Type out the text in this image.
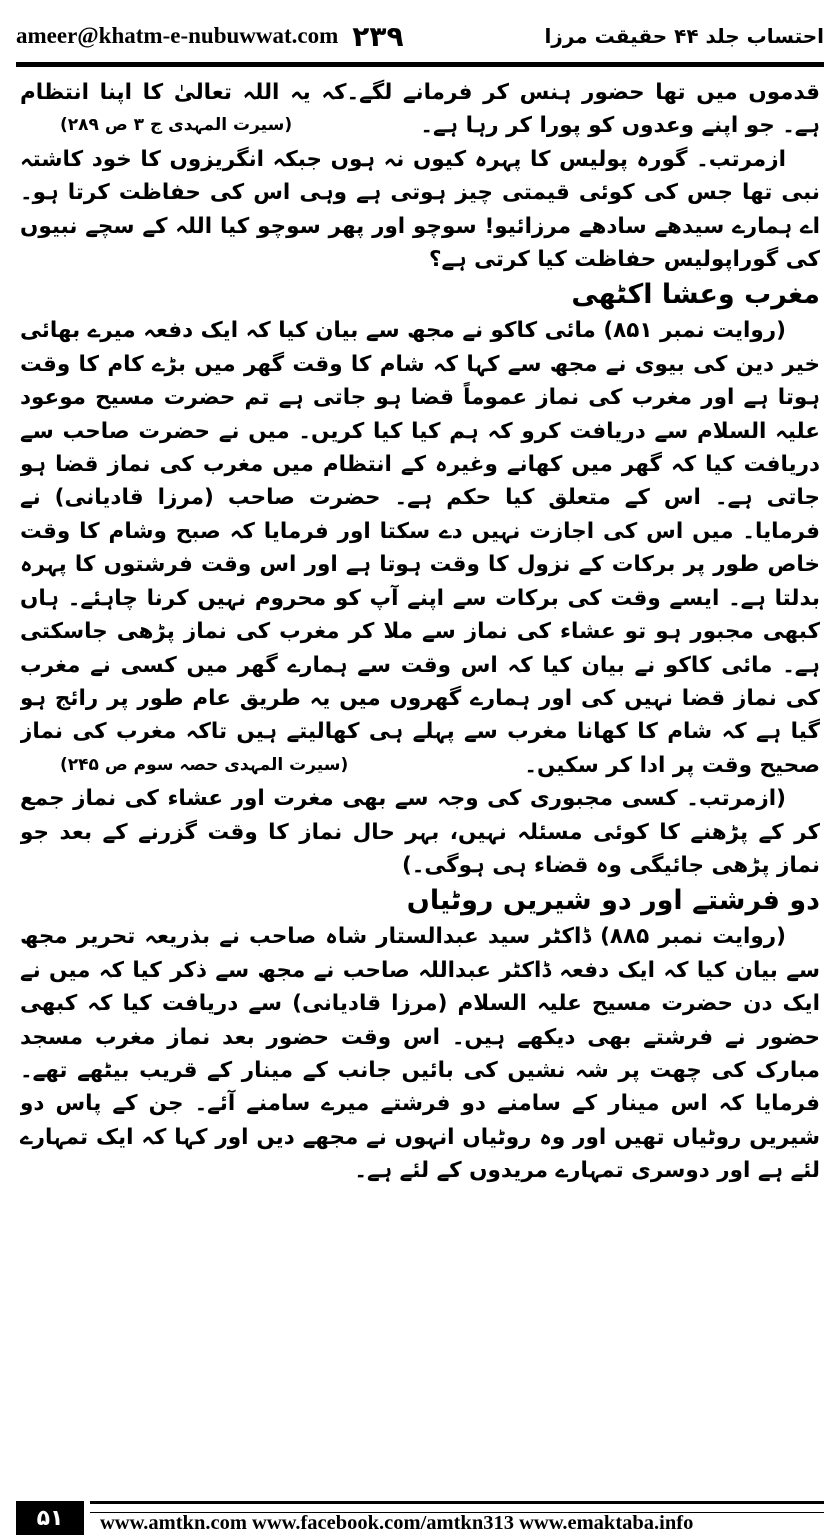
ameer@khatm-e-nubuwwat.com ۲۳۹	احتساب جلد ۴۴ حقیقت مرزا

قدموں میں تھا حضور ہنس کر فرمانے لگے۔کہ یہ اللہ تعالیٰ کا اپنا انتظام ہے۔ جو اپنے وعدوں کو پورا کر رہا ہے۔
(سیرت المہدی ج ۳ ص ۲۸۹)

ازمرتب۔ گورہ پولیس کا پہرہ کیوں نہ ہوں جبکہ انگریزوں کا خود کاشتہ نبی تھا جس کی کوئی قیمتی چیز ہوتی ہے وہی اس کی حفاظت کرتا ہو۔ اے ہمارے سیدھے سادھے مرزائیو! سوچو اور پھر سوچو کیا اللہ کے سچے نبیوں کی گوراپولیس حفاظت کیا کرتی ہے؟

مغرب وعشا اکٹھی

(روایت نمبر ۸۵۱) مائی کاکو نے مجھ سے بیان کیا کہ ایک دفعہ میرے بھائی خیر دین کی بیوی نے مجھ سے کہا کہ شام کا وقت گھر میں بڑے کام کا وقت ہوتا ہے اور مغرب کی نماز عموماً قضا ہو جاتی ہے تم حضرت مسیح موعود علیہ السلام سے دریافت کرو کہ ہم کیا کیا کریں۔ میں نے حضرت صاحب سے دریافت کیا کہ گھر میں کھانے وغیرہ کے انتظام میں مغرب کی نماز قضا ہو جاتی ہے۔ اس کے متعلق کیا حکم ہے۔ حضرت صاحب (مرزا قادیانی) نے فرمایا۔ میں اس کی اجازت نہیں دے سکتا اور فرمایا کہ صبح وشام کا وقت خاص طور پر برکات کے نزول کا وقت ہوتا ہے اور اس وقت فرشتوں کا پہرہ بدلتا ہے۔ ایسے وقت کی برکات سے اپنے آپ کو محروم نہیں کرنا چاہئے۔ ہاں کبھی مجبور ہو تو عشاء کی نماز سے ملا کر مغرب کی نماز پڑھی جاسکتی ہے۔ مائی کاکو نے بیان کیا کہ اس وقت سے ہمارے گھر میں کسی نے مغرب کی نماز قضا نہیں کی اور ہمارے گھروں میں یہ طریق عام طور پر رائج ہو گیا ہے کہ شام کا کھانا مغرب سے پہلے ہی کھالیتے ہیں تاکہ مغرب کی نماز صحیح وقت پر ادا کر سکیں۔
(سیرت المہدی حصہ سوم ص ۲۴۵)

(ازمرتب۔ کسی مجبوری کی وجہ سے بھی مغرت اور عشاء کی نماز جمع کر کے پڑھنے کا کوئی مسئلہ نہیں، بہر حال نماز کا وقت گزرنے کے بعد جو نماز پڑھی جائیگی وہ قضاء ہی ہوگی۔)

دو فرشتے اور دو شیریں روٹیاں

(روایت نمبر ۸۸۵) ڈاکٹر سید عبدالستار شاہ صاحب نے بذریعہ تحریر مجھ سے بیان کیا کہ ایک دفعہ ڈاکٹر عبداللہ صاحب نے مجھ سے ذکر کیا کہ میں نے ایک دن حضرت مسیح علیہ السلام (مرزا قادیانی) سے دریافت کیا کہ کبھی حضور نے فرشتے بھی دیکھے ہیں۔ اس وقت حضور بعد نماز مغرب مسجد مبارک کی چھت پر شہ نشیں کی بائیں جانب کے مینار کے قریب بیٹھے تھے۔ فرمایا کہ اس مینار کے سامنے دو فرشتے میرے سامنے آئے۔ جن کے پاس دو شیریں روٹیاں تھیں اور وہ روٹیاں انہوں نے مجھے دیں اور کہا کہ ایک تمہارے لئے ہے اور دوسری تمہارے مریدوں کے لئے ہے۔

۵۱	www.amtkn.com www.facebook.com/amtkn313 www.emaktaba.info
